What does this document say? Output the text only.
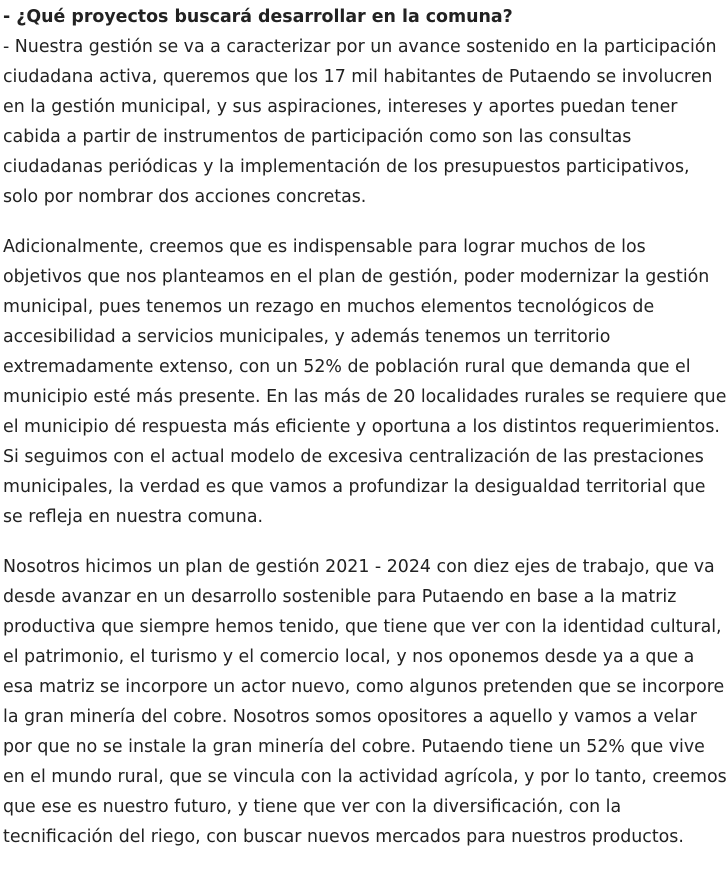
- ¿Qué proyectos buscará desarrollar en la comuna?

- Nuestra gestión se va a caracterizar por un avance sostenido en la participación ciudadana activa, queremos que los 17 mil habitantes de Putaendo se involucren en la gestión municipal, y sus aspiraciones, intereses y aportes puedan tener cabida a partir de instrumentos de participación como son las consultas ciudadanas periódicas y la implementación de los presupuestos participativos, solo por nombrar dos acciones concretas.

Adicionalmente, creemos que es indispensable para lograr muchos de los objetivos que nos planteamos en el plan de gestión, poder modernizar la gestión municipal, pues tenemos un rezago en muchos elementos tecnológicos de accesibilidad a servicios municipales, y además tenemos un territorio extremadamente extenso, con un 52% de población rural que demanda que el municipio esté más presente. En las más de 20 localidades rurales se requiere que el municipio dé respuesta más eficiente y oportuna a los distintos requerimientos. Si seguimos con el actual modelo de excesiva centralización de las prestaciones municipales, la verdad es que vamos a profundizar la desigualdad territorial que se refleja en nuestra comuna.

Nosotros hicimos un plan de gestión 2021 - 2024 con diez ejes de trabajo, que va desde avanzar en un desarrollo sostenible para Putaendo en base a la matriz productiva que siempre hemos tenido, que tiene que ver con la identidad cultural, el patrimonio, el turismo y el comercio local, y nos oponemos desde ya a que a esa matriz se incorpore un actor nuevo, como algunos pretenden que se incorpore la gran minería del cobre. Nosotros somos opositores a aquello y vamos a velar por que no se instale la gran minería del cobre. Putaendo tiene un 52% que vive en el mundo rural, que se vincula con la actividad agrícola, y por lo tanto, creemos que ese es nuestro futuro, y tiene que ver con la diversificación, con la tecnificación del riego, con buscar nuevos mercados para nuestros productos.
